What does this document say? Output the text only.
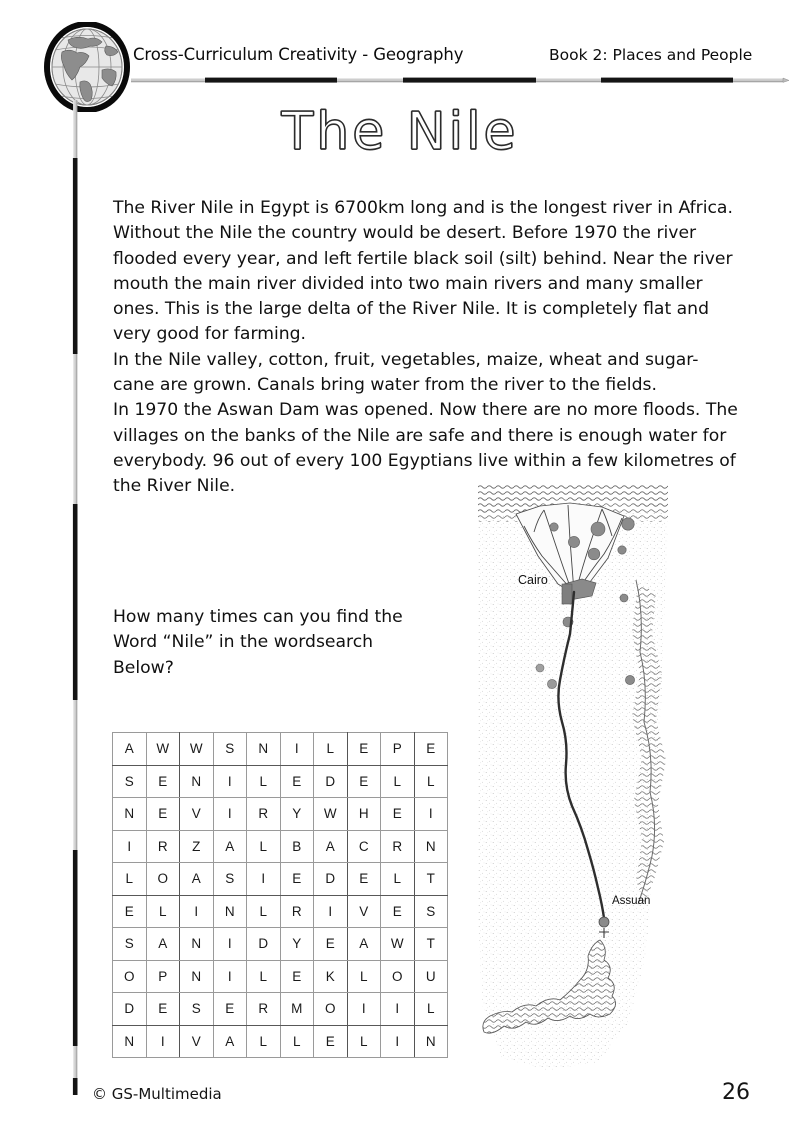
Cross-Curriculum Creativity - Geography	Book 2: Places and People
The Nile

The River Nile in Egypt is 6700km long and is the longest river in Africa. Without the Nile the country would be desert. Before 1970 the river flooded every year, and left fertile black soil (silt) behind. Near the river mouth the main river divided into two main rivers and many smaller ones. This is the large delta of the River Nile. It is completely flat and very good for farming.

In the Nile valley, cotton, fruit, vegetables, maize, wheat and sugar-cane are grown. Canals bring water from the river to the fields.

In 1970 the Aswan Dam was opened. Now there are no more floods. The villages on the banks of the Nile are safe and there is enough water for everybody. 96 out of every 100 Egyptians live within a few kilometres of the River Nile.

How many times can you find the

Word “Nile” in the wordsearch

Below?

A	W	W	S	N	I	L	E	P	E
S	E	N	I	L	E	D	E	L	L
N	E	V	I	R	Y	W	H	E	I
I	R	Z	A	L	B	A	C	R	N
L	O	A	S	I	E	D	E	L	T
E	L	I	N	L	R	I	V	E	S
S	A	N	I	D	Y	E	A	W	T
O	P	N	I	L	E	K	L	O	U
D	E	S	E	R	M	O	I	I	L
N	I	V	A	L	L	E	L	I	N
Cairo
Assuan
© GS-Multimedia	26
